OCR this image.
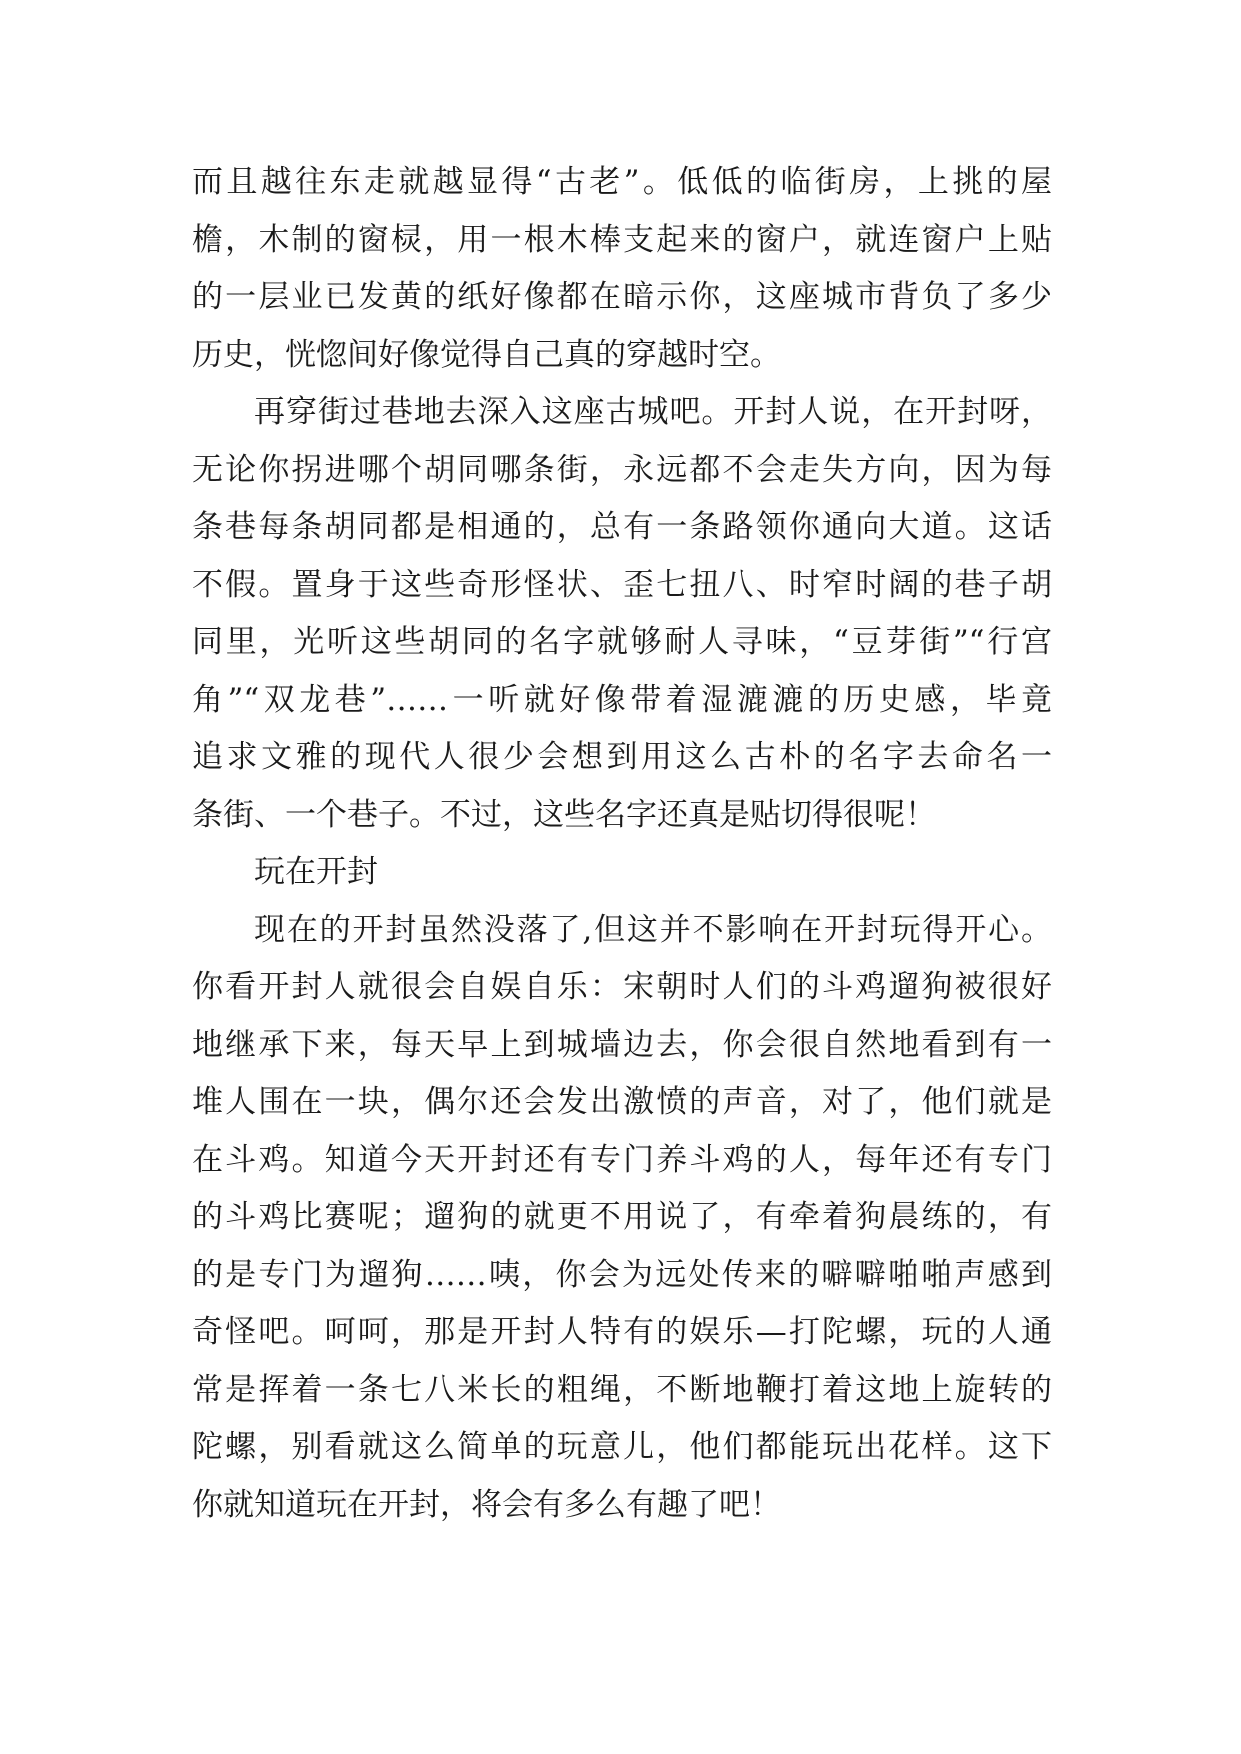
而且越往东走就越显得“古老”。低低的临街房，上挑的屋
檐，木制的窗棂，用一根木棒支起来的窗户，就连窗户上贴
的一层业已发黄的纸好像都在暗示你，这座城市背负了多少
历史，恍惚间好像觉得自己真的穿越时空。
再穿街过巷地去深入这座古城吧。开封人说，在开封呀，
无论你拐进哪个胡同哪条街，永远都不会走失方向，因为每
条巷每条胡同都是相通的，总有一条路领你通向大道。这话
不假。置身于这些奇形怪状、歪七扭八、时窄时阔的巷子胡
同里，光听这些胡同的名字就够耐人寻味，“豆芽街”“行宫
角”“双龙巷”……一听就好像带着湿漉漉的历史感，毕竟
追求文雅的现代人很少会想到用这么古朴的名字去命名一
条街、一个巷子。不过，这些名字还真是贴切得很呢！
玩在开封
现在的开封虽然没落了,但这并不影响在开封玩得开心。
你看开封人就很会自娱自乐：宋朝时人们的斗鸡遛狗被很好
地继承下来，每天早上到城墙边去，你会很自然地看到有一
堆人围在一块，偶尔还会发出激愤的声音，对了，他们就是
在斗鸡。知道今天开封还有专门养斗鸡的人，每年还有专门
的斗鸡比赛呢；遛狗的就更不用说了，有牵着狗晨练的，有
的是专门为遛狗……咦，你会为远处传来的噼噼啪啪声感到
奇怪吧。呵呵，那是开封人特有的娱乐—打陀螺，玩的人通
常是挥着一条七八米长的粗绳，不断地鞭打着这地上旋转的
陀螺，别看就这么简单的玩意儿，他们都能玩出花样。这下
你就知道玩在开封，将会有多么有趣了吧！
